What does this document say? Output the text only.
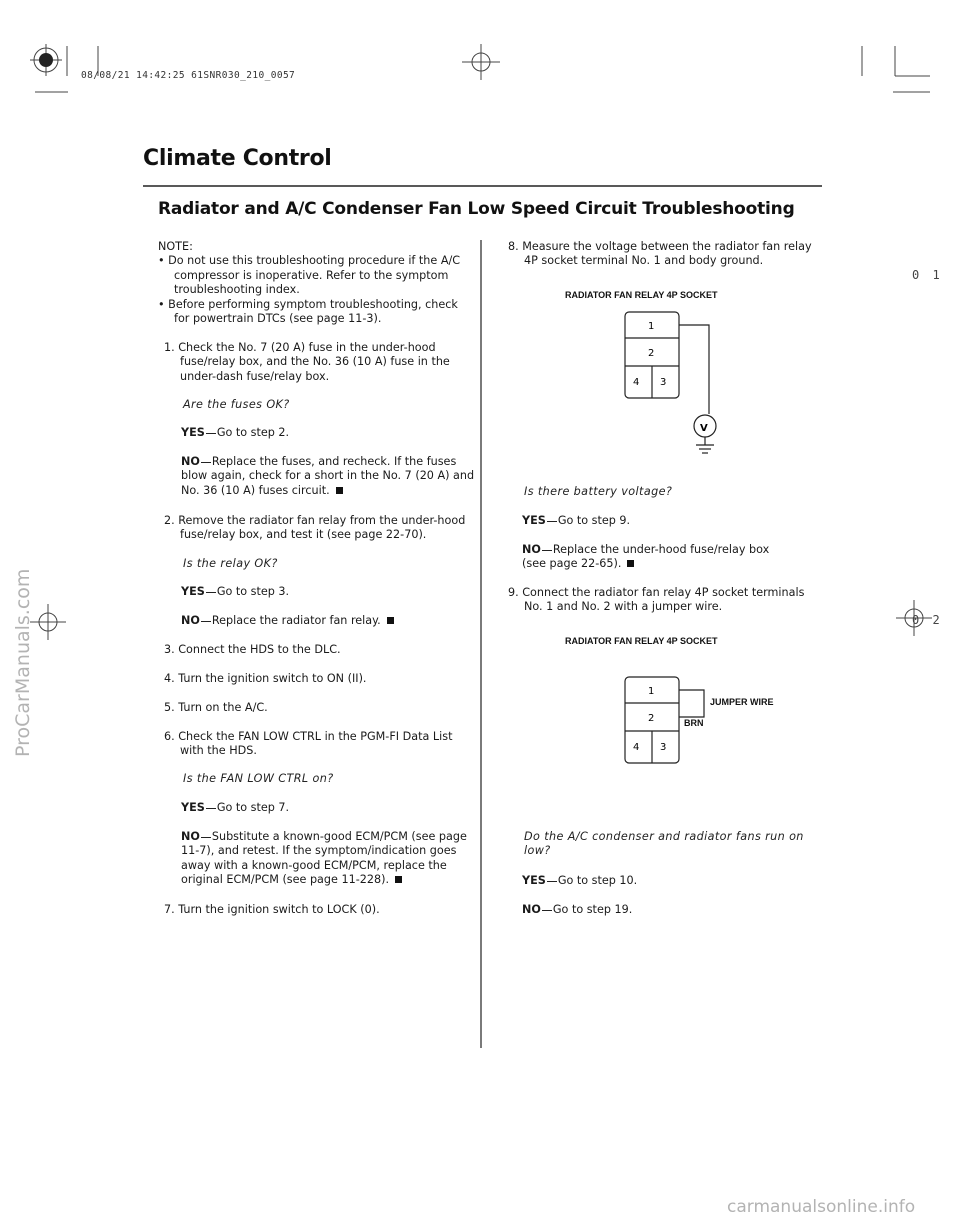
08/08/21 14:42:25 61SNR030_210_0057
Climate Control
Radiator and A/C Condenser Fan Low Speed Circuit Troubleshooting
0 1
0 2
ProCarManuals.com
carmanualsonline.info
NOTE:
• Do not use this troubleshooting procedure if the A/C
compressor is inoperative. Refer to the symptom
troubleshooting index.
• Before performing symptom troubleshooting, check
for powertrain DTCs (see page 11-3).
1. Check the No. 7 (20 A) fuse in the under-hood
fuse/relay box, and the No. 36 (10 A) fuse in the
under-dash fuse/relay box.
Are the fuses OK?
YES Go to step 2.
NO Replace the fuses, and recheck. If the fuses
blow again, check for a short in the No. 7 (20 A) and
No. 36 (10 A) fuses circuit.
2. Remove the radiator fan relay from the under-hood
fuse/relay box, and test it (see page 22-70).
Is the relay OK?
YES Go to step 3.
NO Replace the radiator fan relay.
3. Connect the HDS to the DLC.
4. Turn the ignition switch to ON (II).
5. Turn on the A/C.
6. Check the FAN LOW CTRL in the PGM-FI Data List
with the HDS.
Is the FAN LOW CTRL on?
YES Go to step 7.
NO Substitute a known-good ECM/PCM (see page
11-7), and retest. If the symptom/indication goes
away with a known-good ECM/PCM, replace the
original ECM/PCM (see page 11-228).
7. Turn the ignition switch to LOCK (0).
8. Measure the voltage between the radiator fan relay
4P socket terminal No. 1 and body ground.
RADIATOR FAN RELAY 4P SOCKET
1
2
4 3
V
Is there battery voltage?
YES Go to step 9.
NO Replace the under-hood fuse/relay box
(see page 22-65).
9. Connect the radiator fan relay 4P socket terminals
No. 1 and No. 2 with a jumper wire.
RADIATOR FAN RELAY 4P SOCKET
1
2
4 3
JUMPER WIRE
BRN
Do the A/C condenser and radiator fans run on
low?
YES Go to step 10.
NO Go to step 19.
